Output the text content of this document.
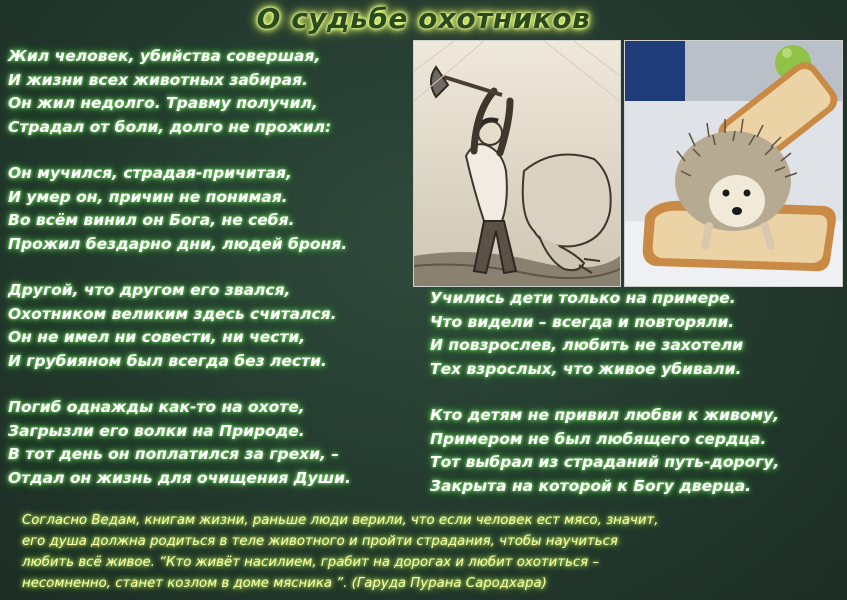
О судьбе охотников
Жил человек, убийства совершая,
И жизни всех животных забирая.
Он жил недолго. Травму получил,
Страдал от боли, долго не прожил:
Он мучился, страдая-причитая,
И умер он, причин не понимая.
Во всём винил он Бога, не себя.
Прожил бездарно дни, людей броня.
Другой, что другом его звался,
Охотником великим здесь считался.
Он не имел ни совести, ни чести,
И грубияном был всегда без лести.
Погиб однажды как-то на охоте,
Загрызли его волки на Природе.
В тот день он поплатился за грехи, –
Отдал он жизнь для очищения Души.
Учились дети только на примере.
Что видели – всегда и повторяли.
И повзрослев, любить не захотели
Тех взрослых, что живое убивали.
Кто детям не привил любви к живому,
Примером не был любящего сердца.
Тот выбрал из страданий путь-дорогу,
Закрыта на которой к Богу дверца.
Согласно Ведам, книгам жизни, раньше люди верили, что если человек ест мясо, значит,
его душа должна родиться в теле животного и пройти страдания, чтобы научиться
любить всё живое. “Кто живёт насилием, грабит на дорогах и любит охотиться –
несомненно, станет козлом в доме мясника ”. (Гаруда Пурана Сародхара)
